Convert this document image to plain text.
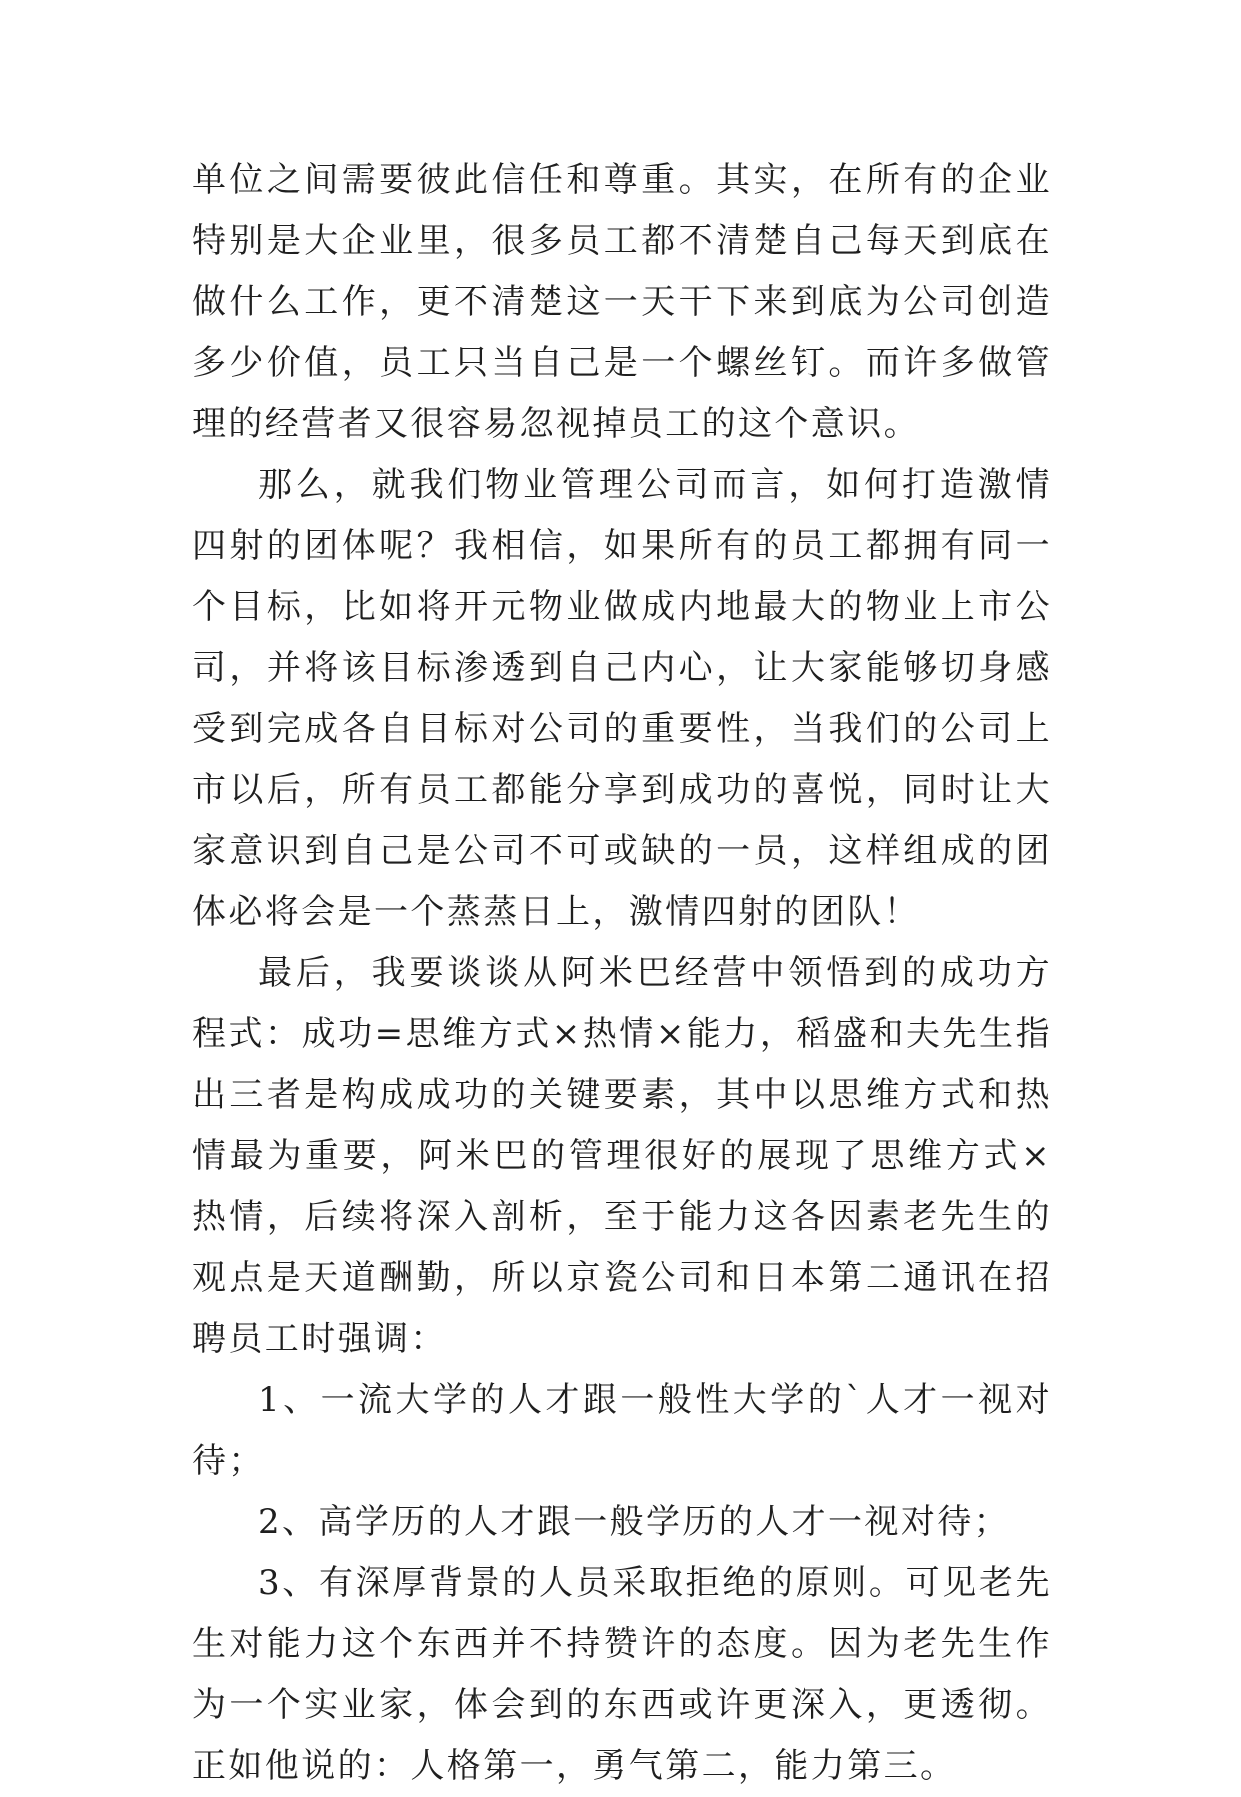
单位之间需要彼此信任和尊重。其实，在所有的企业特别是大企业里，很多员工都不清楚自己每天到底在做什么工作，更不清楚这一天干下来到底为公司创造多少价值，员工只当自己是一个螺丝钉。而许多做管理的经营者又很容易忽视掉员工的这个意识。

那么，就我们物业管理公司而言，如何打造激情四射的团体呢？我相信，如果所有的员工都拥有同一个目标，比如将开元物业做成内地最大的物业上市公司，并将该目标渗透到自己内心，让大家能够切身感受到完成各自目标对公司的重要性，当我们的公司上市以后，所有员工都能分享到成功的喜悦，同时让大家意识到自己是公司不可或缺的一员，这样组成的团体必将会是一个蒸蒸日上，激情四射的团队！

最后，我要谈谈从阿米巴经营中领悟到的成功方程式：成功=思维方式×热情×能力，稻盛和夫先生指出三者是构成成功的关键要素，其中以思维方式和热情最为重要，阿米巴的管理很好的展现了思维方式×热情，后续将深入剖析，至于能力这各因素老先生的观点是天道酬勤，所以京瓷公司和日本第二通讯在招聘员工时强调：

1、一流大学的人才跟一般性大学的`人才一视对待；

2、高学历的人才跟一般学历的人才一视对待；

3、有深厚背景的人员采取拒绝的原则。可见老先生对能力这个东西并不持赞许的态度。因为老先生作为一个实业家，体会到的东西或许更深入，更透彻。正如他说的：人格第一，勇气第二，能力第三。
